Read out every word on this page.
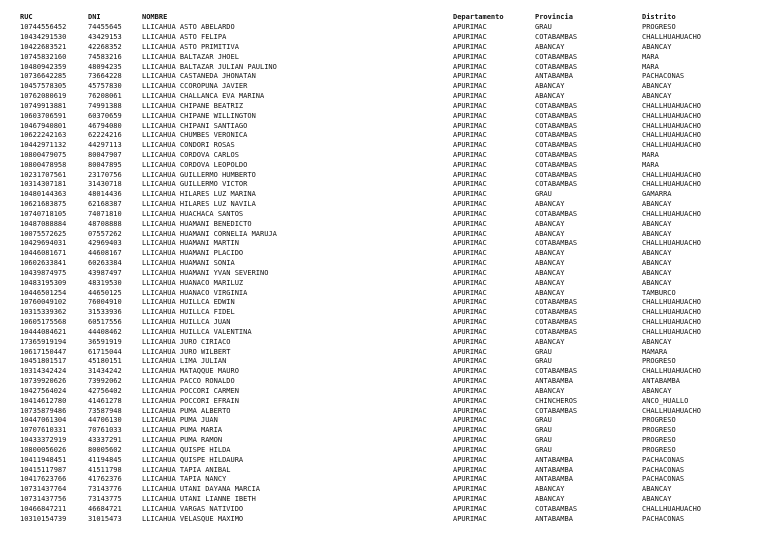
RUC	DNI	NOMBRE	Departamento	Provincia	Distrito
10744556452	74455645	LLICAHUA ASTO ABELARDO	APURIMAC	GRAU	PROGRESO
10434291530	43429153	LLICAHUA ASTO FELIPA	APURIMAC	COTABAMBAS	CHALLHUAHUACHO
10422683521	42268352	LLICAHUA ASTO PRIMITIVA	APURIMAC	ABANCAY	ABANCAY
10745832160	74583216	LLICAHUA BALTAZAR JHOEL	APURIMAC	COTABAMBAS	MARA
10480942359	48094235	LLICAHUA BALTAZAR JULIAN PAULINO	APURIMAC	COTABAMBAS	MARA
10736642285	73664228	LLICAHUA CASTAÑEDA JHONATAN	APURIMAC	ANTABAMBA	PACHACONAS
10457578305	45757830	LLICAHUA CCOROPUNA JAVIER	APURIMAC	ABANCAY	ABANCAY
10762080619	76208061	LLICAHUA CHALLANCA EVA MARINA	APURIMAC	ABANCAY	ABANCAY
10749913881	74991388	LLICAHUA CHIPANE BEATRIZ	APURIMAC	COTABAMBAS	CHALLHUAHUACHO
10603706591	60370659	LLICAHUA CHIPANE WILLINGTON	APURIMAC	COTABAMBAS	CHALLHUAHUACHO
10467940801	46794080	LLICAHUA CHIPANI SANTIAGO	APURIMAC	COTABAMBAS	CHALLHUAHUACHO
10622242163	62224216	LLICAHUA CHUMBES VERONICA	APURIMAC	COTABAMBAS	CHALLHUAHUACHO
10442971132	44297113	LLICAHUA CONDORI ROSAS	APURIMAC	COTABAMBAS	CHALLHUAHUACHO
10800479075	80047907	LLICAHUA CORDOVA CARLOS	APURIMAC	COTABAMBAS	MARA
10800478958	80047895	LLICAHUA CORDOVA LEOPOLDO	APURIMAC	COTABAMBAS	MARA
10231707561	23170756	LLICAHUA GUILLERMO HUMBERTO	APURIMAC	COTABAMBAS	CHALLHUAHUACHO
10314307181	31430718	LLICAHUA GUILLERMO VICTOR	APURIMAC	COTABAMBAS	CHALLHUAHUACHO
10480144363	48014436	LLICAHUA HILARES LUZ MARINA	APURIMAC	GRAU	GAMARRA
10621683875	62168387	LLICAHUA HILARES LUZ NAVILA	APURIMAC	ABANCAY	ABANCAY
10740718105	74071810	LLICAHUA HUACHACA SANTOS	APURIMAC	COTABAMBAS	CHALLHUAHUACHO
10487088884	48708888	LLICAHUA HUAMANI BENEDICTO	APURIMAC	ABANCAY	ABANCAY
10075572625	07557262	LLICAHUA HUAMANI CORNELIA MARUJA	APURIMAC	ABANCAY	ABANCAY
10429694031	42969403	LLICAHUA HUAMANI MARTIN	APURIMAC	COTABAMBAS	CHALLHUAHUACHO
10446081671	44608167	LLICAHUA HUAMANI PLACIDO	APURIMAC	ABANCAY	ABANCAY
10602633841	60263384	LLICAHUA HUAMANI SONIA	APURIMAC	ABANCAY	ABANCAY
10439874975	43987497	LLICAHUA HUAMANI YVAN SEVERINO	APURIMAC	ABANCAY	ABANCAY
10483195309	48319530	LLICAHUA HUANACO MARILUZ	APURIMAC	ABANCAY	ABANCAY
10446501254	44650125	LLICAHUA HUANACO VIRGINIA	APURIMAC	ABANCAY	TAMBURCO
10760049102	76004910	LLICAHUA HUILLCA EDWIN	APURIMAC	COTABAMBAS	CHALLHUAHUACHO
10315339362	31533936	LLICAHUA HUILLCA FIDEL	APURIMAC	COTABAMBAS	CHALLHUAHUACHO
10605175568	60517556	LLICAHUA HUILLCA JUAN	APURIMAC	COTABAMBAS	CHALLHUAHUACHO
10444084621	44408462	LLICAHUA HUILLCA VALENTINA	APURIMAC	COTABAMBAS	CHALLHUAHUACHO
17365919194	36591919	LLICAHUA JURO CIRIACO	APURIMAC	ABANCAY	ABANCAY
10617150447	61715044	LLICAHUA JURO WILBERT	APURIMAC	GRAU	MAMARA
10451801517	45180151	LLICAHUA LIMA JULIAN	APURIMAC	GRAU	PROGRESO
10314342424	31434242	LLICAHUA MATAQQUE MAURO	APURIMAC	COTABAMBAS	CHALLHUAHUACHO
10739920626	73992062	LLICAHUA PACCO RONALDO	APURIMAC	ANTABAMBA	ANTABAMBA
10427564024	42756402	LLICAHUA POCCORI CARMEN	APURIMAC	ABANCAY	ABANCAY
10414612780	41461278	LLICAHUA POCCORI EFRAIN	APURIMAC	CHINCHEROS	ANCO_HUALLO
10735879486	73587948	LLICAHUA PUMA ALBERTO	APURIMAC	COTABAMBAS	CHALLHUAHUACHO
10447061304	44706130	LLICAHUA PUMA JUAN	APURIMAC	GRAU	PROGRESO
10707610331	70761033	LLICAHUA PUMA MARIA	APURIMAC	GRAU	PROGRESO
10433372919	43337291	LLICAHUA PUMA RAMON	APURIMAC	GRAU	PROGRESO
10800056026	80005602	LLICAHUA QUISPE HILDA	APURIMAC	GRAU	PROGRESO
10411948451	41194845	LLICAHUA QUISPE HILDAURA	APURIMAC	ANTABAMBA	PACHACONAS
10415117987	41511798	LLICAHUA TAPIA ANIBAL	APURIMAC	ANTABAMBA	PACHACONAS
10417623766	41762376	LLICAHUA TAPIA NANCY	APURIMAC	ANTABAMBA	PACHACONAS
10731437764	73143776	LLICAHUA UTANI DAYANA MARCIA	APURIMAC	ABANCAY	ABANCAY
10731437756	73143775	LLICAHUA UTANI LIANNE IBETH	APURIMAC	ABANCAY	ABANCAY
10466847211	46684721	LLICAHUA VARGAS NATIVIDO	APURIMAC	COTABAMBAS	CHALLHUAHUACHO
10310154739	31015473	LLICAHUA VELASQUE MAXIMO	APURIMAC	ANTABAMBA	PACHACONAS
